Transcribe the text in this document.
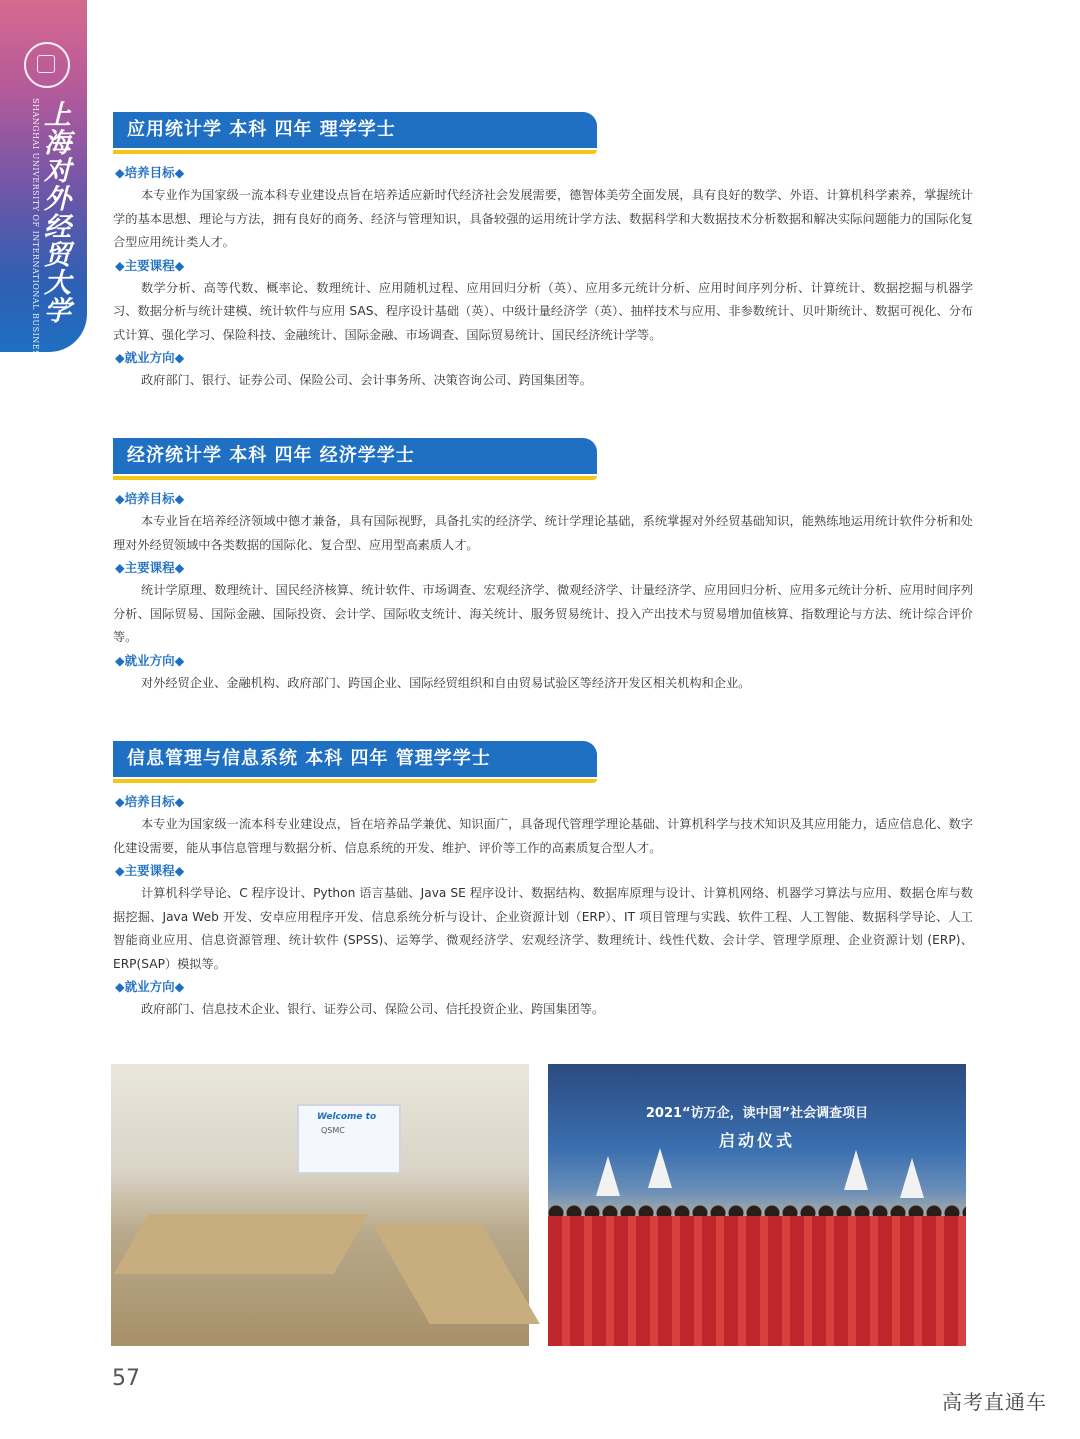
SHANGHAI UNIVERSITY OF INTERNATIONAL BUSINESS AND ECONOMICS 上海对外经贸大学	应用统计学 本科 四年 理学学士
◆培养目标◆

本专业作为国家级一流本科专业建设点旨在培养适应新时代经济社会发展需要，德智体美劳全面发展，具有良好的数学、外语、计算机科学素养，掌握统计学的基本思想、理论与方法，拥有良好的商务、经济与管理知识，具备较强的运用统计学方法、数据科学和大数据技术分析数据和解决实际问题能力的国际化复合型应用统计类人才。

◆主要课程◆

数学分析、高等代数、概率论、数理统计、应用随机过程、应用回归分析（英）、应用多元统计分析、应用时间序列分析、计算统计、数据挖掘与机器学习、数据分析与统计建模、统计软件与应用 SAS、程序设计基础（英）、中级计量经济学（英）、抽样技术与应用、非参数统计、贝叶斯统计、数据可视化、分布式计算、强化学习、保险科技、金融统计、国际金融、市场调查、国际贸易统计、国民经济统计学等。

◆就业方向◆

政府部门、银行、证券公司、保险公司、会计事务所、决策咨询公司、跨国集团等。

经济统计学 本科 四年 经济学学士
◆培养目标◆

本专业旨在培养经济领域中德才兼备，具有国际视野，具备扎实的经济学、统计学理论基础，系统掌握对外经贸基础知识，能熟练地运用统计软件分析和处理对外经贸领域中各类数据的国际化、复合型、应用型高素质人才。

◆主要课程◆

统计学原理、数理统计、国民经济核算、统计软件、市场调查、宏观经济学、微观经济学、计量经济学、应用回归分析、应用多元统计分析、应用时间序列分析、国际贸易、国际金融、国际投资、会计学、国际收支统计、海关统计、服务贸易统计、投入产出技术与贸易增加值核算、指数理论与方法、统计综合评价等。

◆就业方向◆

对外经贸企业、金融机构、政府部门、跨国企业、国际经贸组织和自由贸易试验区等经济开发区相关机构和企业。

信息管理与信息系统 本科 四年 管理学学士
◆培养目标◆

本专业为国家级一流本科专业建设点，旨在培养品学兼优、知识面广，具备现代管理学理论基础、计算机科学与技术知识及其应用能力，适应信息化、数字化建设需要，能从事信息管理与数据分析、信息系统的开发、维护、评价等工作的高素质复合型人才。

◆主要课程◆

计算机科学导论、C 程序设计、Python 语言基础、Java SE 程序设计、数据结构、数据库原理与设计、计算机网络、机器学习算法与应用、数据仓库与数据挖掘、Java Web 开发、安卓应用程序开发、信息系统分析与设计、企业资源计划（ERP）、IT 项目管理与实践、软件工程、人工智能、数据科学导论、人工智能商业应用、信息资源管理、统计软件 (SPSS)、运筹学、微观经济学、宏观经济学、数理统计、线性代数、会计学、管理学原理、企业资源计划 (ERP)、ERP(SAP）模拟等。

◆就业方向◆

政府部门、信息技术企业、银行、证券公司、保险公司、信托投资企业、跨国集团等。

Welcome to
QSMC
2021“访万企，读中国”社会调查项目
启动仪式
57
高考直通车
